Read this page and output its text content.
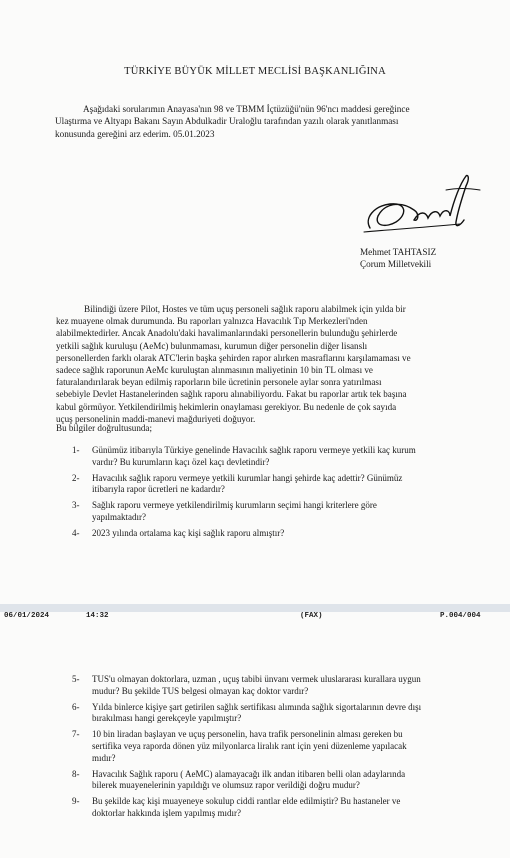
TÜRKİYE BÜYÜK MİLLET MECLİSİ BAŞKANLIĞINA
Aşağıdaki sorularımın Anayasa'nın 98 ve TBMM İçtüzüğü'nün 96'ncı maddesi gereğince Ulaştırma ve Altyapı Bakanı Sayın Abdulkadir Uraloğlu tarafından yazılı olarak yanıtlanması konusunda gereğini arz ederim. 05.01.2023
Mehmet TAHTASIZ
Çorum Milletvekili
Bilindiği üzere Pilot, Hostes ve tüm uçuş personeli sağlık raporu alabilmek için yılda bir kez muayene olmak durumunda. Bu raporları yalnızca Havacılık Tıp Merkezleri'nden alabilmektedirler. Ancak Anadolu'daki havalimanlarındaki personellerin bulunduğu şehirlerde yetkili sağlık kuruluşu (AeMc) bulunmaması, kurumun diğer personelin diğer lisanslı personellerden farklı olarak ATC'lerin başka şehirden rapor alırken masraflarını karşılamaması ve sadece sağlık raporunun AeMc kuruluştan alınmasının maliyetinin 10 bin TL olması ve faturalandırılarak beyan edilmiş raporların bile ücretinin personele aylar sonra yatırılması sebebiyle Devlet Hastanelerinden sağlık raporu alınabiliyordu. Fakat bu raporlar artık tek başına kabul görmüyor. Yetkilendirilmiş hekimlerin onaylaması gerekiyor. Bu nedenle de çok sayıda uçuş personelinin maddi-manevi mağduriyeti doğuyor.
Bu bilgiler doğrultusunda;
1- Günümüz itibarıyla Türkiye genelinde Havacılık sağlık raporu vermeye yetkili kaç kurum vardır? Bu kurumların kaçı özel kaçı devletindir?
2- Havacılık sağlık raporu vermeye yetkili kurumlar hangi şehirde kaç adettir? Günümüz itibarıyla rapor ücretleri ne kadardır?
3- Sağlık raporu vermeye yetkilendirilmiş kurumların seçimi hangi kriterlere göre yapılmaktadır?
4- 2023 yılında ortalama kaç kişi sağlık raporu almıştır?
06/01/2024	14:32	(FAX)	P.004/004
5- TUS'u olmayan doktorlara, uzman , uçuş tabibi ünvanı vermek uluslararası kurallara uygun mudur? Bu şekilde TUS belgesi olmayan kaç doktor vardır?
6- Yılda binlerce kişiye şart getirilen sağlık sertifikası alımında sağlık sigortalarının devre dışı bırakılması hangi gerekçeyle yapılmıştır?
7- 10 bin liradan başlayan ve uçuş personelin, hava trafik personelinin alması gereken bu sertifika veya raporda dönen yüz milyonlarca liralık rant için yeni düzenleme yapılacak mıdır?
8- Havacılık Sağlık raporu ( AeMC) alamayacağı ilk andan itibaren belli olan adaylarında bilerek muayenelerinin yapıldığı ve olumsuz rapor verildiği doğru mudur?
9- Bu şekilde kaç kişi muayeneye sokulup ciddi rantlar elde edilmiştir? Bu hastaneler ve doktorlar hakkında işlem yapılmış mıdır?
